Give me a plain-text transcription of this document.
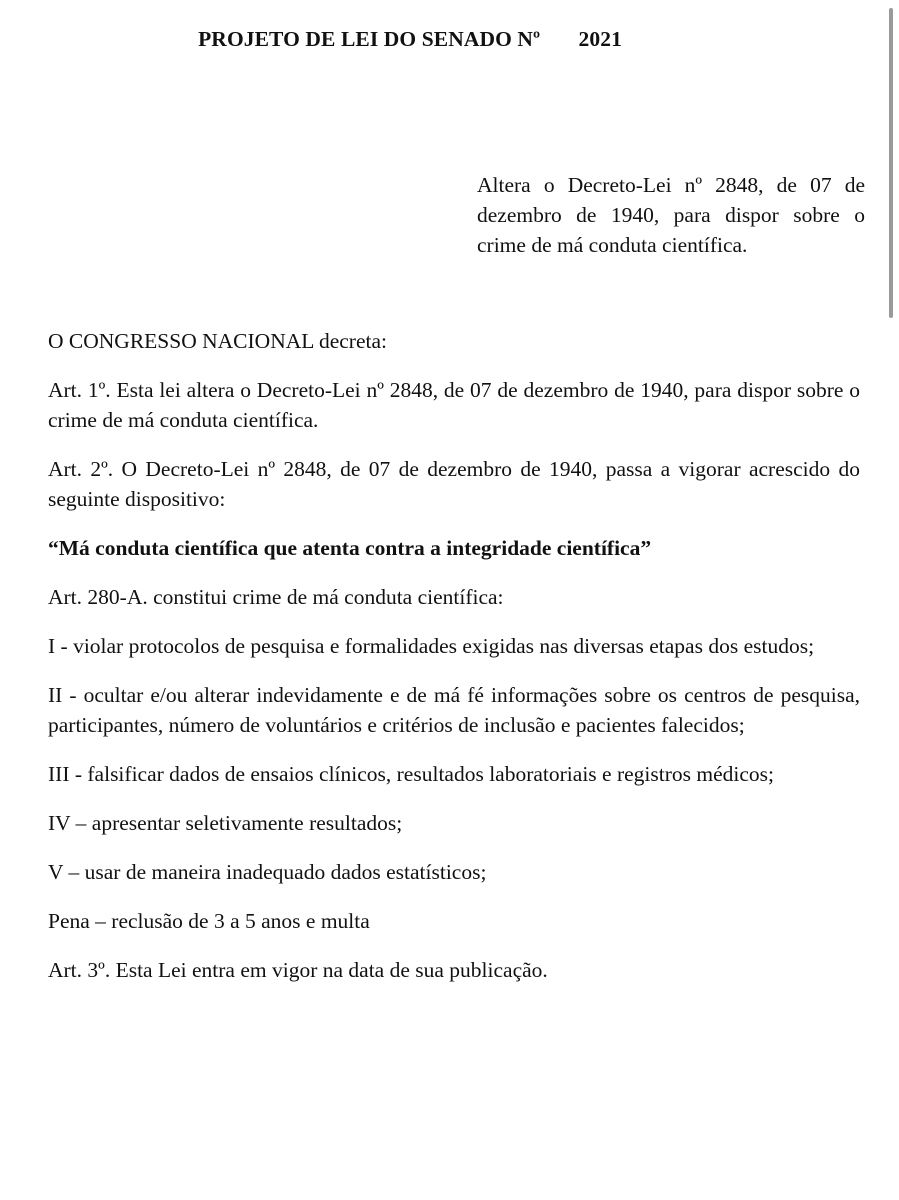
PROJETO DE LEI DO SENADO Nº       2021
Altera o Decreto-Lei nº 2848, de 07 de dezembro de 1940, para dispor sobre o crime de má conduta científica.

O CONGRESSO NACIONAL decreta:

Art. 1º. Esta lei altera o Decreto-Lei nº 2848, de 07 de dezembro de 1940, para dispor sobre o crime de má conduta científica.

Art. 2º. O Decreto-Lei nº 2848, de 07 de dezembro de 1940, passa a vigorar acrescido do seguinte dispositivo:

“Má conduta científica que atenta contra a integridade científica”

Art. 280-A. constitui crime de má conduta científica:

I - violar protocolos de pesquisa e formalidades exigidas nas diversas etapas dos estudos;

II - ocultar e/ou alterar indevidamente e de má fé informações sobre os centros de pesquisa, participantes, número de voluntários e critérios de inclusão e pacientes falecidos;

III - falsificar dados de ensaios clínicos, resultados laboratoriais e registros médicos;

IV – apresentar seletivamente resultados;

V – usar de maneira inadequado dados estatísticos;

Pena – reclusão de 3 a 5 anos e multa

Art. 3º. Esta Lei entra em vigor na data de sua publicação.
